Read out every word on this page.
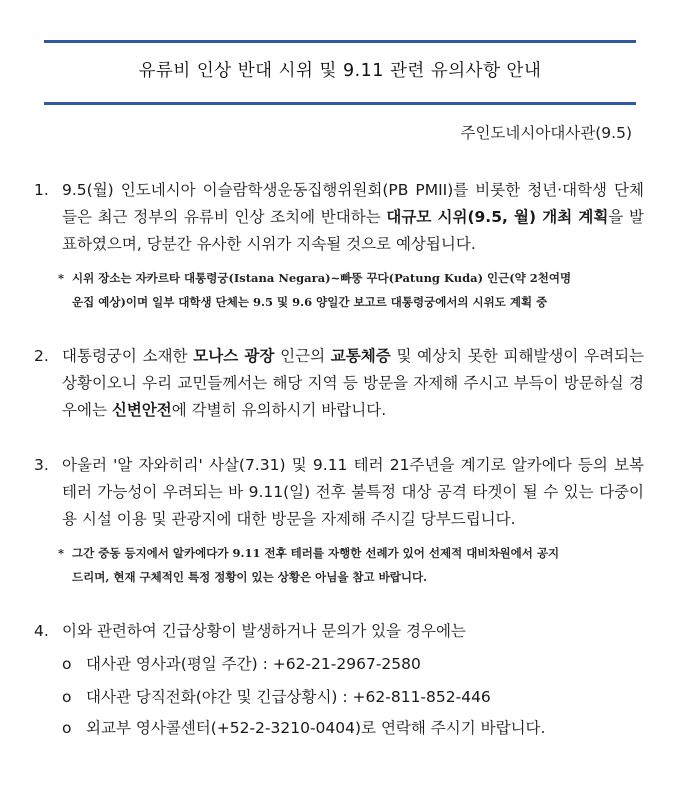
유류비 인상 반대 시위 및 9.11 관련 유의사항 안내
주인도네시아대사관(9.5)
1. 9.5(월) 인도네시아 이슬람학생운동집행위원회(PB PMII)를 비롯한 청년·대학생 단체들은 최근 정부의 유류비 인상 조치에 반대하는 대규모 시위(9.5, 월) 개최 계획을 발표하였으며, 당분간 유사한 시위가 지속될 것으로 예상됩니다.
* 시위 장소는 자카르타 대통령궁(Istana Negara)~빠뚱 꾸다(Patung Kuda) 인근(약 2천여명
운집 예상)이며 일부 대학생 단체는 9.5 및 9.6 양일간 보고르 대통령궁에서의 시위도 계획 중
2. 대통령궁이 소재한 모나스 광장 인근의 교통체증 및 예상치 못한 피해발생이 우려되는 상황이오니 우리 교민들께서는 해당 지역 등 방문을 자제해 주시고 부득이 방문하실 경우에는 신변안전에 각별히 유의하시기 바랍니다.
3. 아울러 '알 자와히리' 사살(7.31) 및 9.11 테러 21주년을 계기로 알카에다 등의 보복 테러 가능성이 우려되는 바 9.11(일) 전후 불특정 대상 공격 타겟이 될 수 있는 다중이용 시설 이용 및 관광지에 대한 방문을 자제해 주시길 당부드립니다.
* 그간 중동 등지에서 알카에다가 9.11 전후 테러를 자행한 선례가 있어 선제적 대비차원에서 공지
드리며, 현재 구체적인 특정 정황이 있는 상황은 아님을 참고 바랍니다.
4. 이와 관련하여 긴급상황이 발생하거나 문의가 있을 경우에는
o 대사관 영사과(평일 주간) : +62-21-2967-2580
o 대사관 당직전화(야간 및 긴급상황시) : +62-811-852-446
o 외교부 영사콜센터(+52-2-3210-0404)로 연락해 주시기 바랍니다.
